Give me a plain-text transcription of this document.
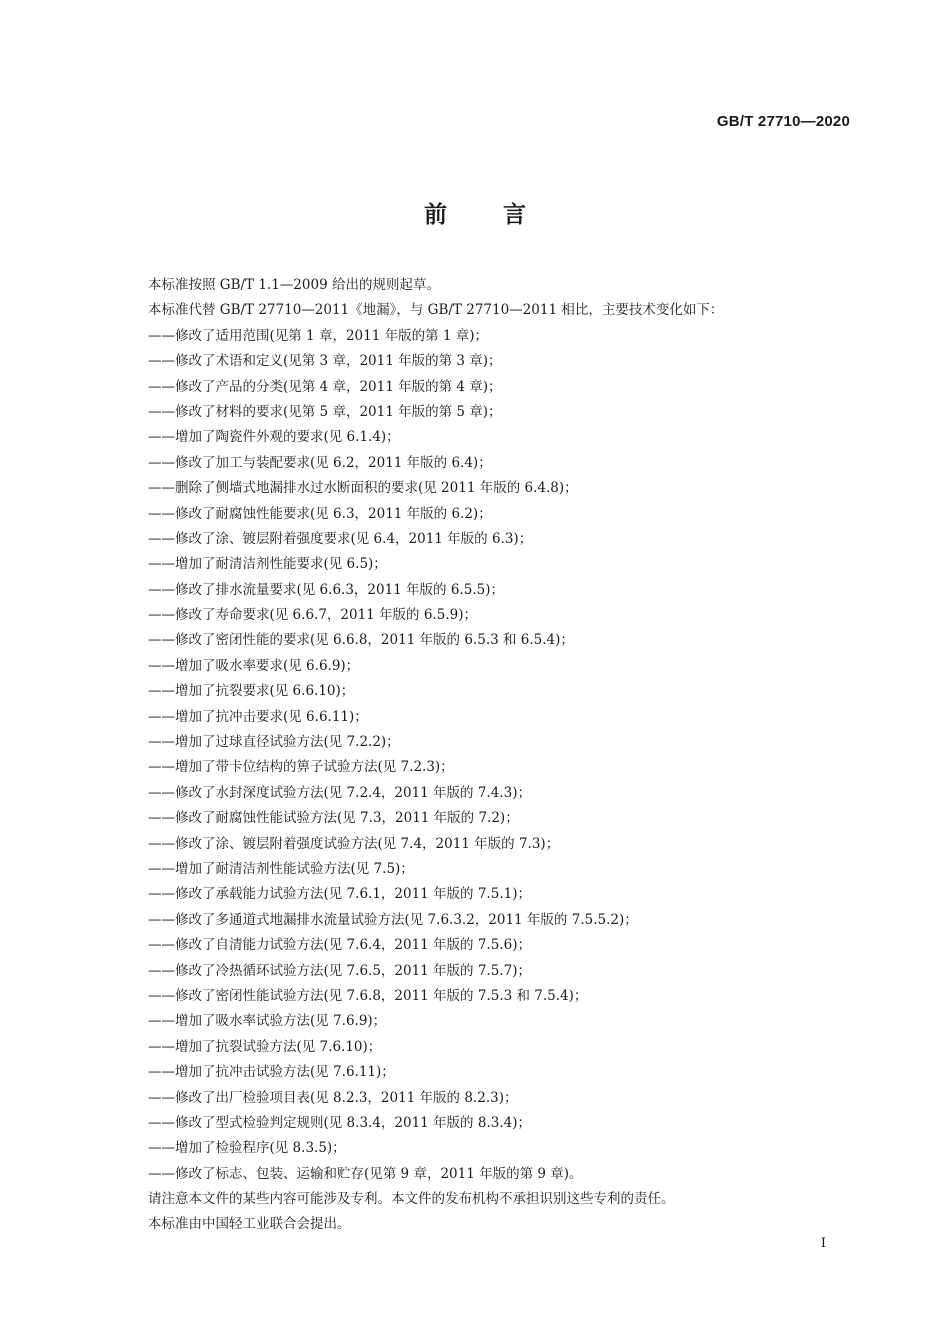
GB/T 27710—2020
前言
本标准按照 GB/T 1.1—2009 给出的规则起草。
本标准代替 GB/T 27710—2011《地漏》，与 GB/T 27710—2011 相比，主要技术变化如下：
——修改了适用范围(见第 1 章，2011 年版的第 1 章)；
——修改了术语和定义(见第 3 章，2011 年版的第 3 章)；
——修改了产品的分类(见第 4 章，2011 年版的第 4 章)；
——修改了材料的要求(见第 5 章，2011 年版的第 5 章)；
——增加了陶瓷件外观的要求(见 6.1.4)；
——修改了加工与装配要求(见 6.2，2011 年版的 6.4)；
——删除了侧墙式地漏排水过水断面积的要求(见 2011 年版的 6.4.8)；
——修改了耐腐蚀性能要求(见 6.3，2011 年版的 6.2)；
——修改了涂、镀层附着强度要求(见 6.4，2011 年版的 6.3)；
——增加了耐清洁剂性能要求(见 6.5)；
——修改了排水流量要求(见 6.6.3，2011 年版的 6.5.5)；
——修改了寿命要求(见 6.6.7，2011 年版的 6.5.9)；
——修改了密闭性能的要求(见 6.6.8，2011 年版的 6.5.3 和 6.5.4)；
——增加了吸水率要求(见 6.6.9)；
——增加了抗裂要求(见 6.6.10)；
——增加了抗冲击要求(见 6.6.11)；
——增加了过球直径试验方法(见 7.2.2)；
——增加了带卡位结构的箅子试验方法(见 7.2.3)；
——修改了水封深度试验方法(见 7.2.4，2011 年版的 7.4.3)；
——修改了耐腐蚀性能试验方法(见 7.3，2011 年版的 7.2)；
——修改了涂、镀层附着强度试验方法(见 7.4，2011 年版的 7.3)；
——增加了耐清洁剂性能试验方法(见 7.5)；
——修改了承载能力试验方法(见 7.6.1，2011 年版的 7.5.1)；
——修改了多通道式地漏排水流量试验方法(见 7.6.3.2，2011 年版的 7.5.5.2)；
——修改了自清能力试验方法(见 7.6.4，2011 年版的 7.5.6)；
——修改了冷热循环试验方法(见 7.6.5，2011 年版的 7.5.7)；
——修改了密闭性能试验方法(见 7.6.8，2011 年版的 7.5.3 和 7.5.4)；
——增加了吸水率试验方法(见 7.6.9)；
——增加了抗裂试验方法(见 7.6.10)；
——增加了抗冲击试验方法(见 7.6.11)；
——修改了出厂检验项目表(见 8.2.3，2011 年版的 8.2.3)；
——修改了型式检验判定规则(见 8.3.4，2011 年版的 8.3.4)；
——增加了检验程序(见 8.3.5)；
——修改了标志、包装、运输和贮存(见第 9 章，2011 年版的第 9 章)。
请注意本文件的某些内容可能涉及专利。本文件的发布机构不承担识别这些专利的责任。
本标准由中国轻工业联合会提出。
I
